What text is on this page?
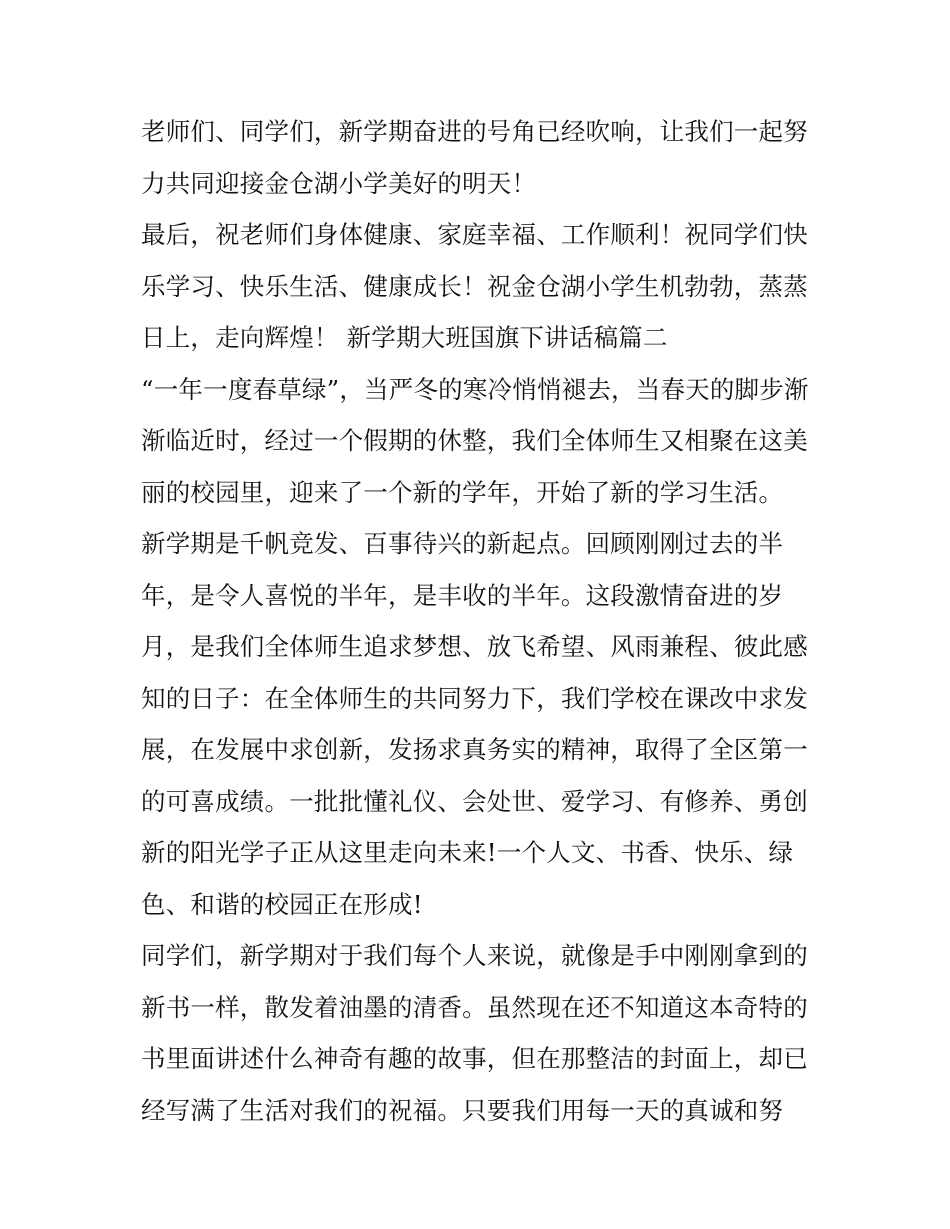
老师们、同学们，新学期奋进的号角已经吹响，让我们一起努
力共同迎接金仓湖小学美好的明天！
最后，祝老师们身体健康、家庭幸福、工作顺利！祝同学们快
乐学习、快乐生活、健康成长！祝金仓湖小学生机勃勃，蒸蒸
日上，走向辉煌！ 新学期大班国旗下讲话稿篇二
“一年一度春草绿”，当严冬的寒冷悄悄褪去，当春天的脚步渐
渐临近时，经过一个假期的休整，我们全体师生又相聚在这美
丽的校园里，迎来了一个新的学年，开始了新的学习生活。
新学期是千帆竞发、百事待兴的新起点。回顾刚刚过去的半
年，是令人喜悦的半年，是丰收的半年。这段激情奋进的岁
月，是我们全体师生追求梦想、放飞希望、风雨兼程、彼此感
知的日子：在全体师生的共同努力下，我们学校在课改中求发
展，在发展中求创新，发扬求真务实的精神，取得了全区第一
的可喜成绩。一批批懂礼仪、会处世、爱学习、有修养、勇创
新的阳光学子正从这里走向未来!一个人文、书香、快乐、绿
色、和谐的校园正在形成!
同学们，新学期对于我们每个人来说，就像是手中刚刚拿到的
新书一样，散发着油墨的清香。虽然现在还不知道这本奇特的
书里面讲述什么神奇有趣的故事，但在那整洁的封面上，却已
经写满了生活对我们的祝福。只要我们用每一天的真诚和努
